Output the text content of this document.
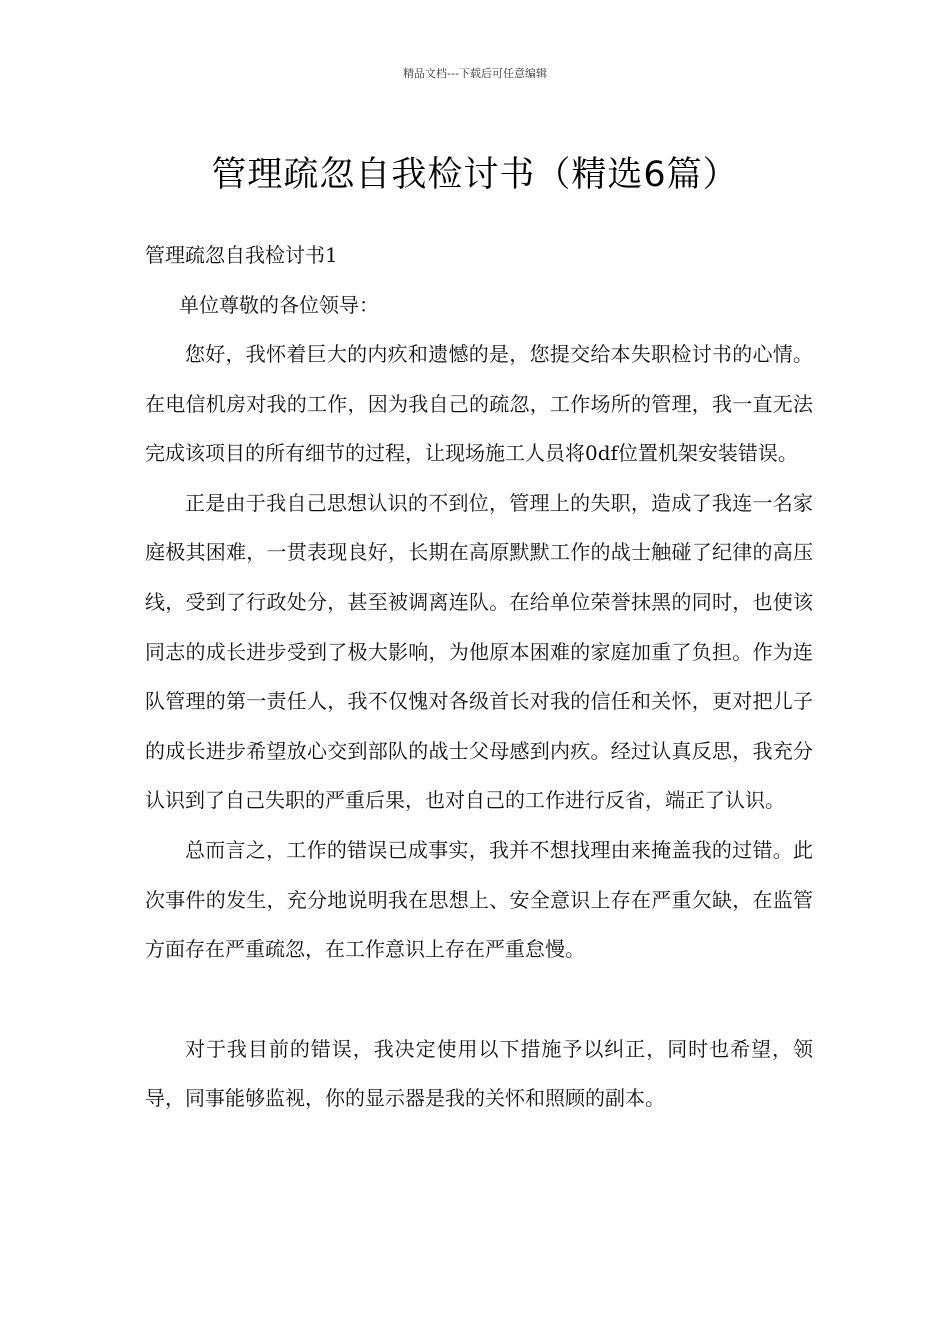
精品文档---下载后可任意编辑
管理疏忽自我检讨书（精选6篇）

管理疏忽自我检讨书1

单位尊敬的各位领导：

您好，我怀着巨大的内疚和遗憾的是，您提交给本失职检讨书的心情。在电信机房对我的工作，因为我自己的疏忽，工作场所的管理，我一直无法完成该项目的所有细节的过程，让现场施工人员将0df位置机架安装错误。

正是由于我自己思想认识的不到位，管理上的失职，造成了我连一名家庭极其困难，一贯表现良好，长期在高原默默工作的战士触碰了纪律的高压线，受到了行政处分，甚至被调离连队。在给单位荣誉抹黑的同时，也使该同志的成长进步受到了极大影响，为他原本困难的家庭加重了负担。作为连队管理的第一责任人，我不仅愧对各级首长对我的信任和关怀，更对把儿子的成长进步希望放心交到部队的战士父母感到内疚。经过认真反思，我充分认识到了自己失职的严重后果，也对自己的工作进行反省，端正了认识。

总而言之，工作的错误已成事实，我并不想找理由来掩盖我的过错。此次事件的发生，充分地说明我在思想上、安全意识上存在严重欠缺，在监管方面存在严重疏忽，在工作意识上存在严重怠慢。

对于我目前的错误，我决定使用以下措施予以纠正，同时也希望，领导，同事能够监视，你的显示器是我的关怀和照顾的副本。
